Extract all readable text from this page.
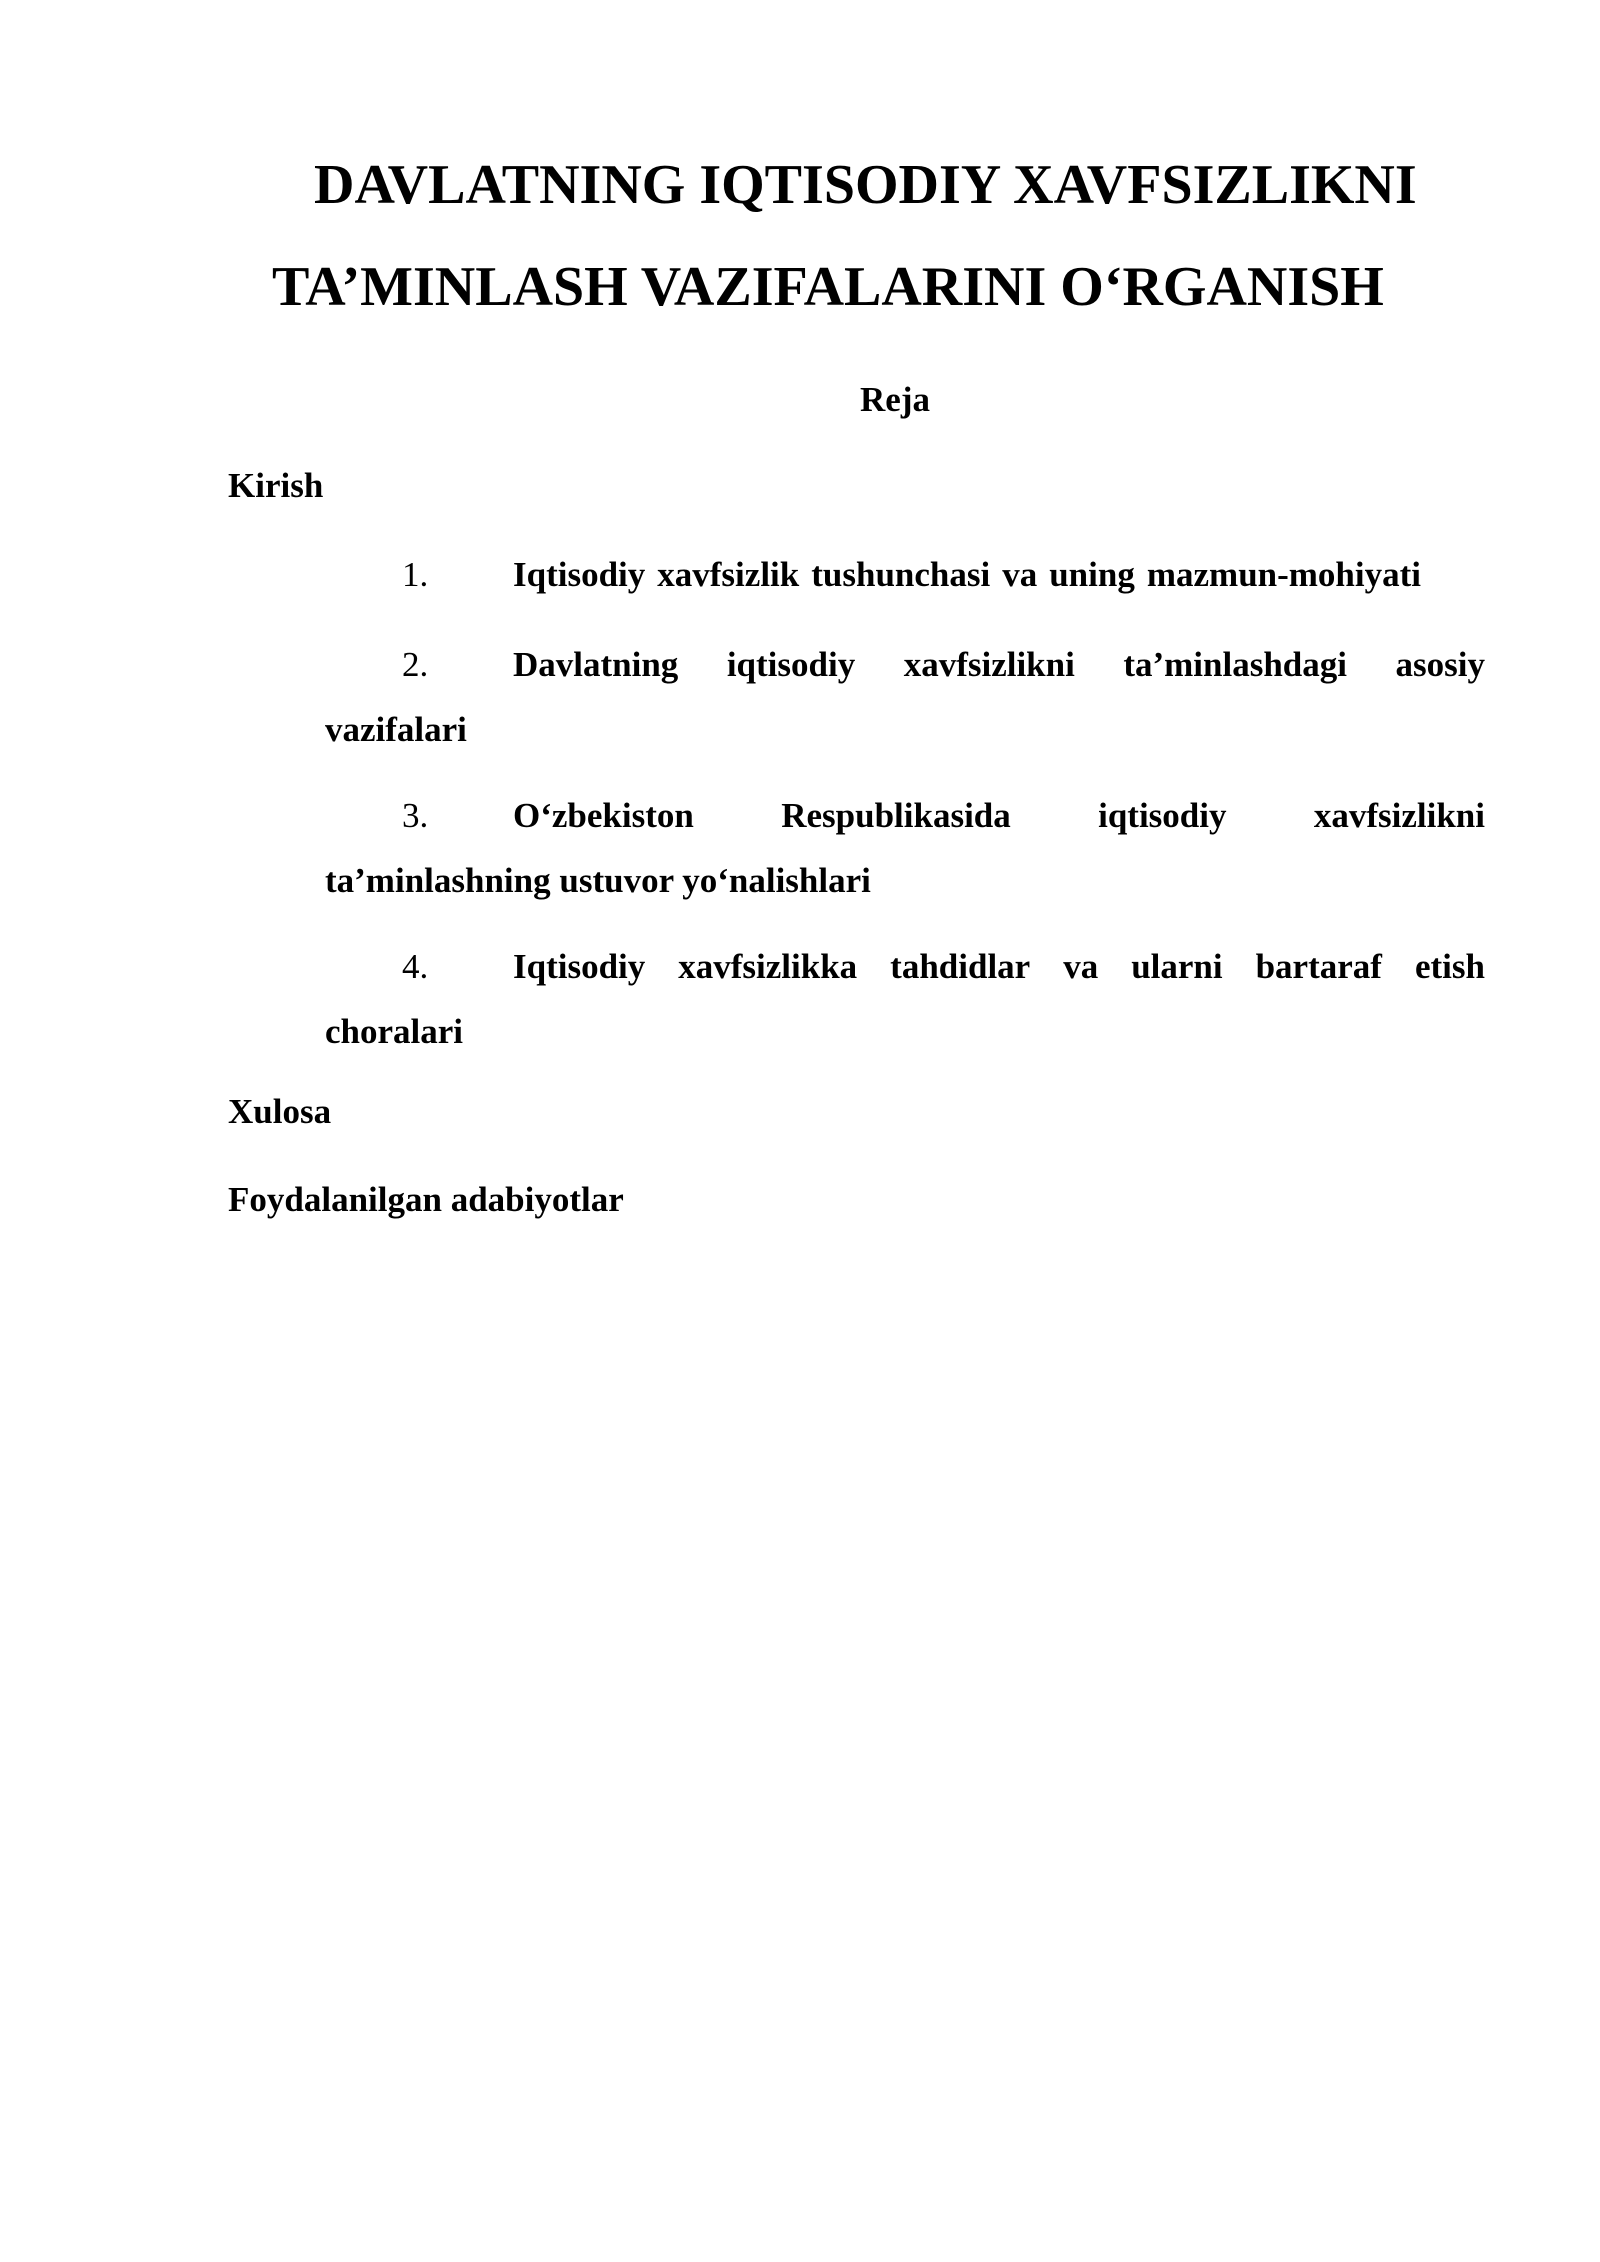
DAVLATNING IQTISODIY XAVFSIZLIKNI
TA’MINLASH VAZIFALARINI O‘RGANISH
Reja
Kirish
1.	Iqtisodiy xavfsizlik tushunchasi va uning mazmun-mohiyati
2.	Davlatning iqtisodiy xavfsizlikni ta’minlashdagi asosiy
vazifalari
3.	O‘zbekiston Respublikasida iqtisodiy xavfsizlikni
ta’minlashning ustuvor yo‘nalishlari
4.	Iqtisodiy xavfsizlikka tahdidlar va ularni bartaraf etish
choralari
Xulosa
Foydalanilgan adabiyotlar
